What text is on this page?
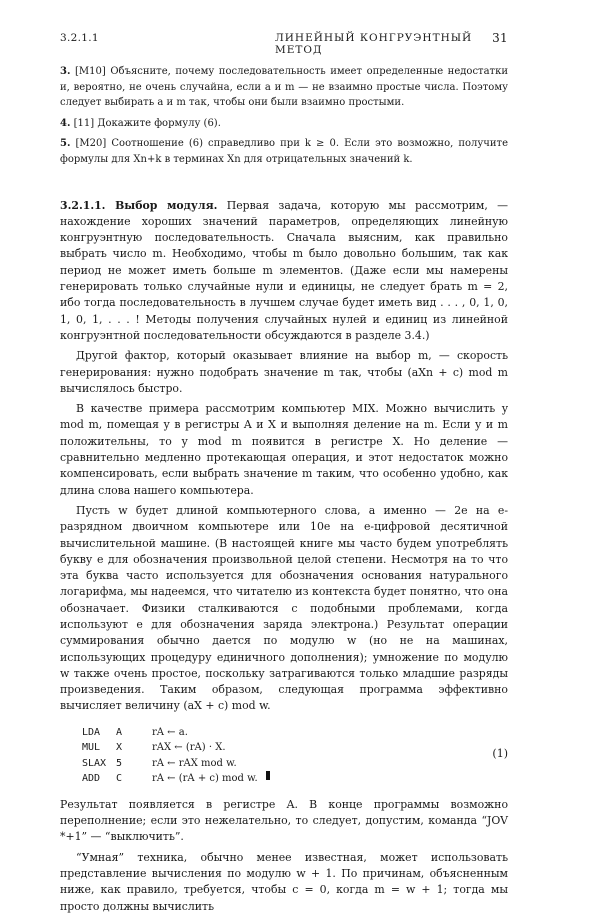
3.2.1.1	ЛИНЕЙНЫЙ КОНГРУЭНТНЫЙ МЕТОД
31

3. [M10] Объясните, почему последовательность имеет определенные недостатки и, вероятно, не очень случайна, если a и m — не взаимно простые числа. Поэтому следует выбирать a и m так, чтобы они были взаимно простыми.

4. [11] Докажите формулу (6).

5. [M20] Соотношение (6) справедливо при k ≥ 0. Если это возможно, получите формулы для Xn+k в терминах Xn для отрицательных значений k.

3.2.1.1. Выбор модуля. Первая задача, которую мы рассмотрим, — нахождение хороших значений параметров, определяющих линейную конгруэнтную последовательность. Сначала выясним, как правильно выбрать число m. Необходимо, чтобы m было довольно большим, так как период не может иметь больше m элементов. (Даже если мы намерены генерировать только случайные нули и единицы, не следует брать m = 2, ибо тогда последовательность в лучшем случае будет иметь вид . . . , 0, 1, 0, 1, 0, 1, . . . ! Методы получения случайных нулей и единиц из линейной конгруэнтной последовательности обсуждаются в разделе 3.4.)

Другой фактор, который оказывает влияние на выбор m, — скорость генерирования: нужно подобрать значение m так, чтобы (aXn + c) mod m вычислялось быстро.

В качестве примера рассмотрим компьютер MIX. Можно вычислить y mod m, помещая y в регистры A и X и выполняя деление на m. Если y и m положительны, то y mod m появится в регистре X. Но деление — сравнительно медленно протекающая операция, и этот недостаток можно компенсировать, если выбрать значение m таким, что особенно удобно, как длина слова нашего компьютера.

Пусть w будет длиной компьютерного слова, а именно — 2e на e-разрядном двоичном компьютере или 10e на e-цифровой десятичной вычислительной машине. (В настоящей книге мы часто будем употреблять букву e для обозначения произвольной целой степени. Несмотря на то что эта буква часто используется для обозначения основания натурального логарифма, мы надеемся, что читателю из контекста будет понятно, что она обозначает. Физики сталкиваются с подобными проблемами, когда используют e для обозначения заряда электрона.) Результат операции суммирования обычно дается по модулю w (но не на машинах, использующих процедуру единичного дополнения); умножение по модулю w также очень простое, поскольку затрагиваются только младшие разряды произведения. Таким образом, следующая программа эффективно вычисляет величину (aX + c) mod w.

LDA	A	rA ← a.
MUL	X	rAX ← (rA) · X.
SLAX 5	rA ← rAX mod w.
ADD	C	rA ← (rA + c) mod w.
(1)

Результат появляется в регистре A. В конце программы возможно переполнение; если это нежелательно, то следует, допустим, команда “JOV *+1” — “выключить”.

“Умная” техника, обычно менее известная, может использовать представление вычисления по модулю w + 1. По причинам, объясненным ниже, как правило, требуется, чтобы c = 0, когда m = w + 1; тогда мы просто должны вычислить
